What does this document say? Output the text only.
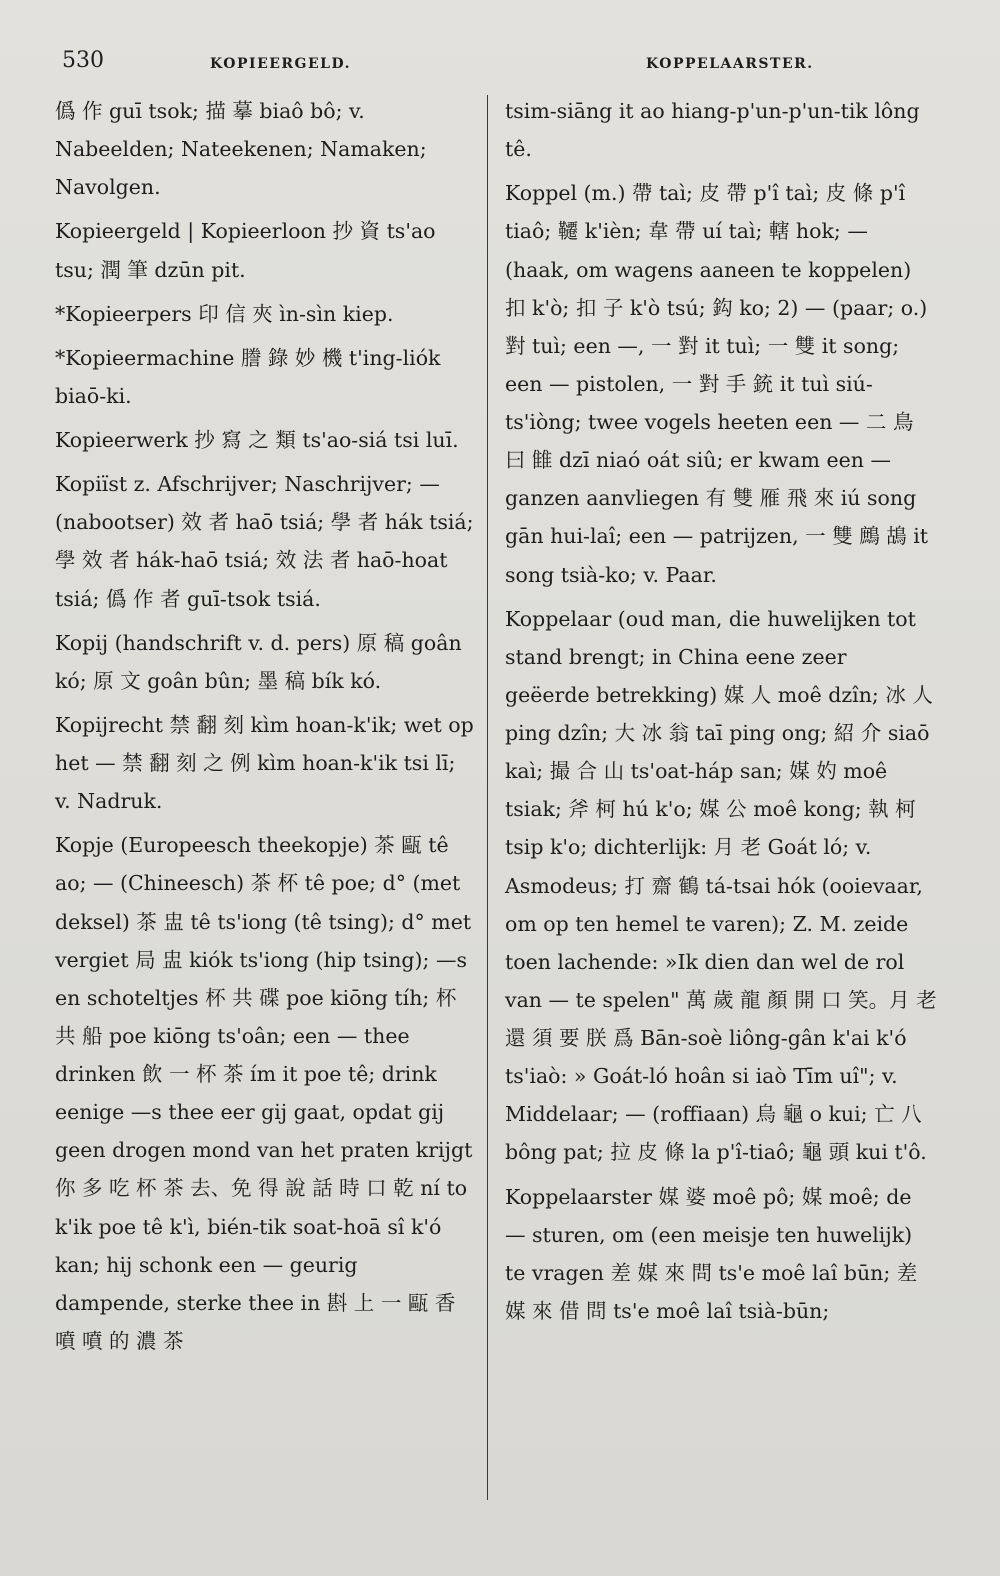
530	KOPIEERGELD.	KOPPELAARSTER.

僞 作 guī tsok; 描 摹 biaô bô; v. Nabeelden; Nateekenen; Namaken; Navolgen.

Kopieergeld | Kopieerloon 抄 資 ts'ao tsu; 潤 筆 dzūn pit.

*Kopieerpers 印 信 夾 ìn-sìn kiep.

*Kopieermachine 謄 錄 妙 機 t'ing-liók biaō-ki.

Kopieerwerk 抄 寫 之 類 ts'ao-siá tsi luī.

Kopiïst z. Afschrijver; Naschrijver; — (nabootser) 效 者 haō tsiá; 學 者 hák tsiá; 學 效 者 hák-haō tsiá; 效 法 者 haō-hoat tsiá; 僞 作 者 guī-tsok tsiá.

Kopij (handschrift v. d. pers) 原 稿 goân kó; 原 文 goân bûn; 墨 稿 bík kó.

Kopijrecht 禁 翻 刻 kìm hoan-k'ik; wet op het — 禁 翻 刻 之 例 kìm hoan-k'ik tsi lī; v. Nadruk.

Kopje (Europeesch theekopje) 茶 甌 tê ao; — (Chineesch) 茶 杯 tê poe; d° (met deksel) 茶 盅 tê ts'iong (tê tsing); d° met vergiet 局 盅 kiók ts'iong (hip tsing); —s en schoteltjes 杯 共 碟 poe kiōng tíh; 杯 共 船 poe kiōng ts'oân; een — thee drinken 飲 一 杯 茶 ím it poe tê; drink eenige —s thee eer gij gaat, opdat gij geen drogen mond van het praten krijgt 你 多 吃 杯 茶 去、免 得 說 話 時 口 乾 ní to k'ik poe tê k'ì, bién-tik soat-hoā sî k'ó kan; hij schonk een — geurig dampende, sterke thee in 斟 上 一 甌 香 噴 噴 的 濃 茶

tsim-siāng it ao hiang-p'un-p'un-tik lông tê.

Koppel (m.) 帶 taì; 皮 帶 p'î taì; 皮 條 p'î tiaô; 韆 k'ièn; 韋 帶 uí taì; 轄 hok; — (haak, om wagens aaneen te koppelen) 扣 k'ò; 扣 子 k'ò tsú; 鈎 ko; 2) — (paar; o.) 對 tuì; een —, 一 對 it tuì; 一 雙 it song; een — pistolen, 一 對 手 銃 it tuì siú-ts'iòng; twee vogels heeten een — 二 鳥 曰 雔 dzī niaó oát siû; er kwam een — ganzen aanvliegen 有 雙 雁 飛 來 iú song gān hui-laî; een — patrijzen, 一 雙 鷓 鴣 it song tsià-ko; v. Paar.

Koppelaar (oud man, die huwelijken tot stand brengt; in China eene zeer geëerde betrekking) 媒 人 moê dzîn; 冰 人 ping dzîn; 大 冰 翁 taī ping ong; 紹 介 siaō kaì; 撮 合 山 ts'oat-háp san; 媒 妁 moê tsiak; 斧 柯 hú k'o; 媒 公 moê kong; 執 柯 tsip k'o; dichterlijk: 月 老 Goát ló; v. Asmodeus; 打 齋 鶴 tá-tsai hók (ooievaar, om op ten hemel te varen); Z. M. zeide toen lachende: »Ik dien dan wel de rol van — te spelen" 萬 歲 龍 顏 開 口 笑。月 老 還 須 要 朕 爲 Bān-soè liông-gân k'ai k'ó ts'iaò: » Goát-ló hoân si iaò Tīm uî"; v. Middelaar; — (roffiaan) 烏 龜 o kui; 亡 八 bông pat; 拉 皮 條 la p'î-tiaô; 龜 頭 kui t'ô.

Koppelaarster 媒 婆 moê pô; 媒 moê; de — sturen, om (een meisje ten huwelijk) te vragen 差 媒 來 問 ts'e moê laî būn; 差 媒 來 借 問 ts'e moê laî tsià-būn;
